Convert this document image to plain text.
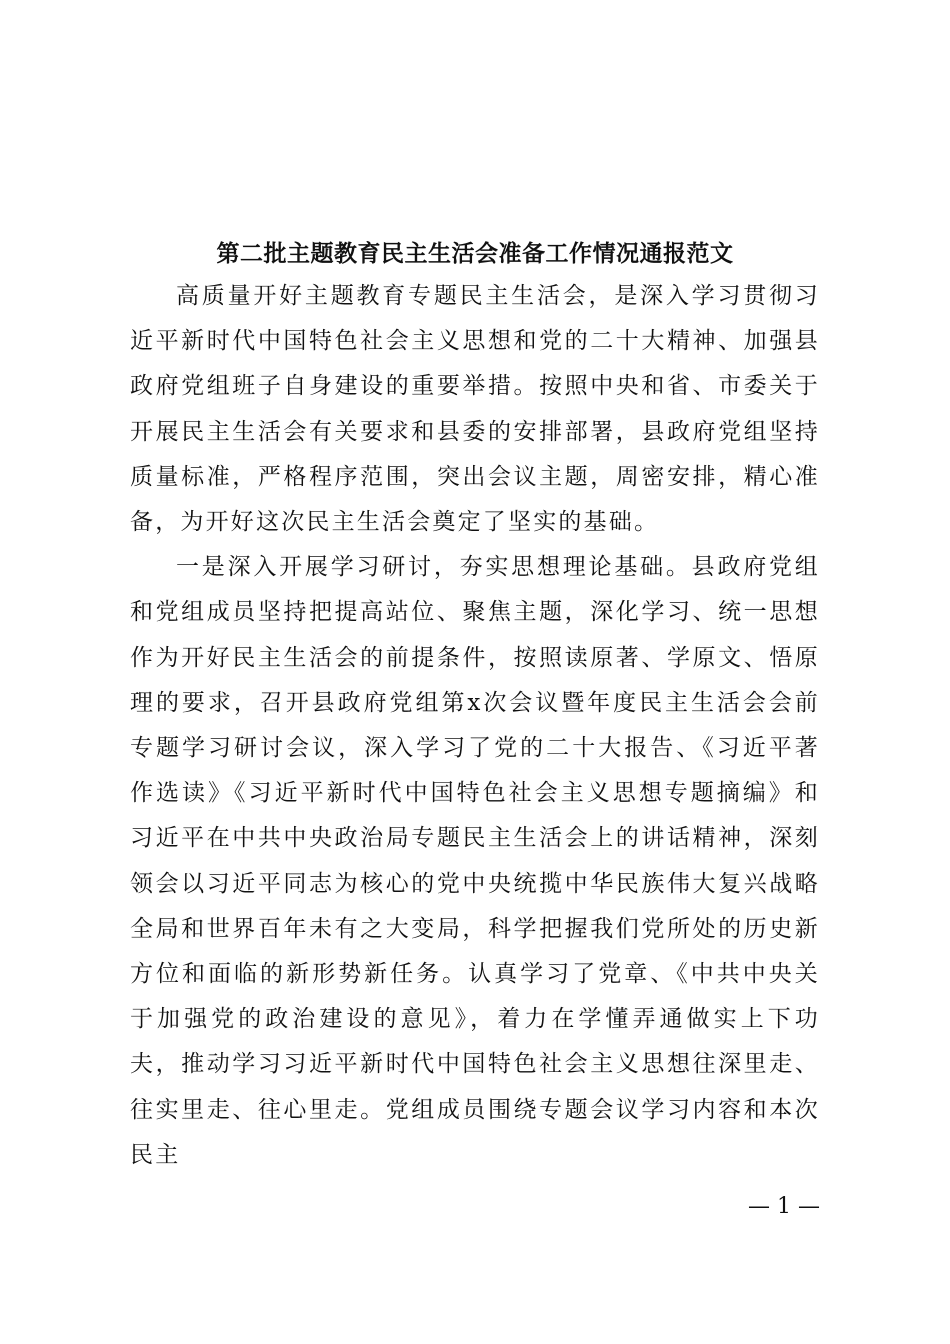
第二批主题教育民主生活会准备工作情况通报范文

高质量开好主题教育专题民主生活会，是深入学习贯彻习近平新时代中国特色社会主义思想和党的二十大精神、加强县政府党组班子自身建设的重要举措。按照中央和省、市委关于开展民主生活会有关要求和县委的安排部署，县政府党组坚持质量标准，严格程序范围，突出会议主题，周密安排，精心准备，为开好这次民主生活会奠定了坚实的基础。

一是深入开展学习研讨，夯实思想理论基础。县政府党组和党组成员坚持把提高站位、聚焦主题，深化学习、统一思想作为开好民主生活会的前提条件，按照读原著、学原文、悟原理的要求，召开县政府党组第x次会议暨年度民主生活会会前专题学习研讨会议，深入学习了党的二十大报告、《习近平著作选读》《习近平新时代中国特色社会主义思想专题摘编》和习近平在中共中央政治局专题民主生活会上的讲话精神，深刻领会以习近平同志为核心的党中央统揽中华民族伟大复兴战略全局和世界百年未有之大变局，科学把握我们党所处的历史新方位和面临的新形势新任务。认真学习了党章、《中共中央关于加强党的政治建设的意见》，着力在学懂弄通做实上下功夫，推动学习习近平新时代中国特色社会主义思想往深里走、往实里走、往心里走。党组成员围绕专题会议学习内容和本次民主

— 1 —
